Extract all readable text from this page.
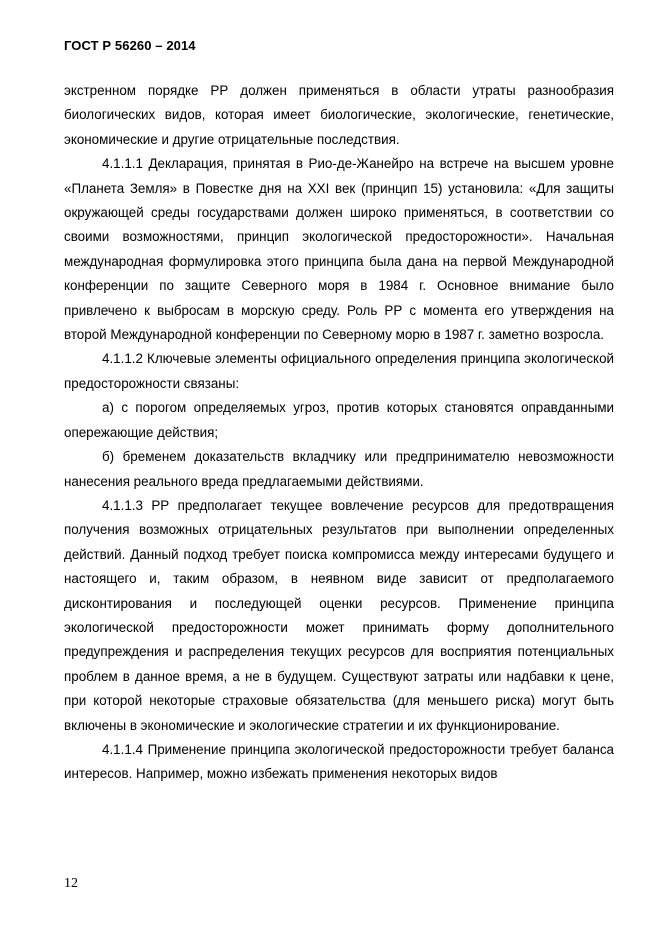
ГОСТ Р 56260 – 2014

экстренном порядке РР должен применяться в области утраты разнообразия биологических видов, которая имеет биологические, экологические, генетические, экономические и другие отрицательные последствия.

4.1.1.1 Декларация, принятая в Рио-де-Жанейро на встрече на высшем уровне «Планета Земля» в Повестке дня на XXI век (принцип 15) установила: «Для защиты окружающей среды государствами должен широко применяться, в соответствии со своими возможностями, принцип экологической предосторожности». Начальная международная формулировка этого принципа была дана на первой Международной конференции по защите Северного моря в 1984 г. Основное внимание было привлечено к выбросам в морскую среду. Роль РР с момента его утверждения на второй Международной конференции по Северному морю в 1987 г. заметно возросла.

4.1.1.2 Ключевые элементы официального определения принципа экологической предосторожности связаны:

а) с порогом определяемых угроз, против которых становятся оправданными опережающие действия;

б) бременем доказательств вкладчику или предпринимателю невозможности нанесения реального вреда предлагаемыми действиями.

4.1.1.3 РР предполагает текущее вовлечение ресурсов для предотвращения получения возможных отрицательных результатов при выполнении определенных действий. Данный подход требует поиска компромисса между интересами будущего и настоящего и, таким образом, в неявном виде зависит от предполагаемого дисконтирования и последующей оценки ресурсов. Применение принципа экологической предосторожности может принимать форму дополнительного предупреждения и распределения текущих ресурсов для восприятия потенциальных проблем в данное время, а не в будущем. Существуют затраты или надбавки к цене, при которой некоторые страховые обязательства (для меньшего риска) могут быть включены в экономические и экологические стратегии и их функционирование.

4.1.1.4 Применение принципа экологической предосторожности требует баланса интересов. Например, можно избежать применения некоторых видов

12
